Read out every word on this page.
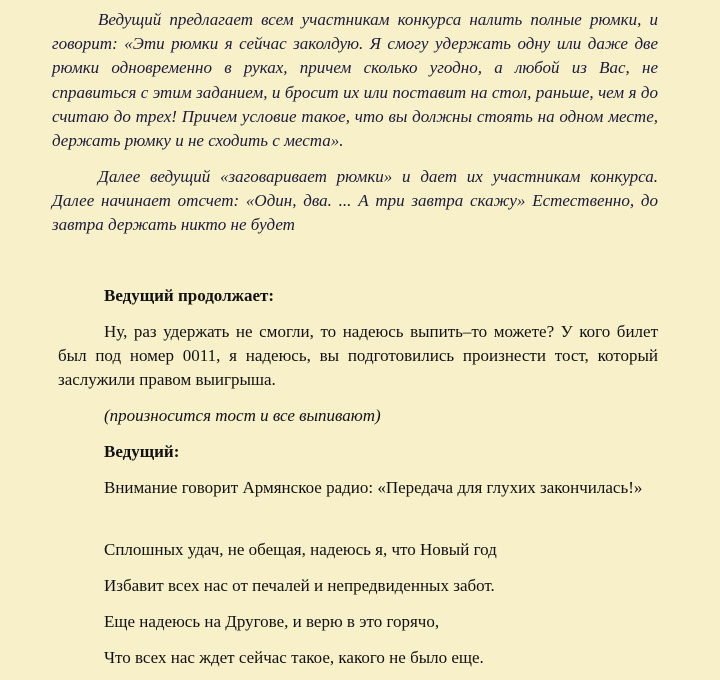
Ведущий предлагает всем участникам конкурса налить полные рюмки, и говорит: «Эти рюмки я сейчас заколдую. Я смогу удержать одну или даже две рюмки одновременно в руках, причем сколько угодно, а любой из Вас, не справиться с этим заданием, и бросит их или поставит на стол, раньше, чем я до считаю до трех! Причем условие такое, что вы должны стоять на одном месте, держать рюмку и не сходить с места».

Далее ведущий «заговаривает рюмки» и дает их участникам конкурса. Далее начинает отсчет: «Один, два. ... А три завтра скажу» Естественно, до завтра держать никто не будет

Ведущий продолжает:

Ну, раз удержать не смогли, то надеюсь выпить–то можете? У кого билет был под номер 0011, я надеюсь, вы подготовились произнести тост, который заслужили правом выигрыша.

(произносится тост и все выпивают)

Ведущий:

Внимание говорит Армянское радио: «Передача для глухих закончилась!»

Сплошных удач, не обещая, надеюсь я, что Новый год

Избавит всех нас от печалей и непредвиденных забот.

Еще надеюсь на Другове, и верю в это горячо,

Что всех нас ждет сейчас такое, какого не было еще.
